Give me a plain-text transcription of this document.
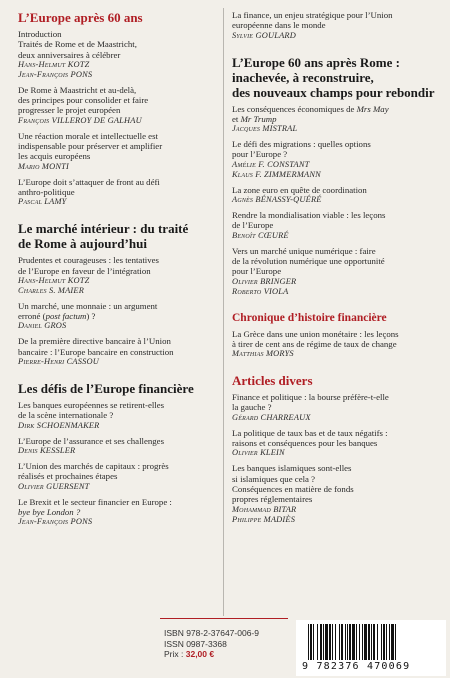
L’Europe après 60 ans
Introduction
Traités de Rome et de Maastricht,
deux anniversaires à célébrer
Hans-Helmut KOTZ
Jean-François PONS
De Rome à Maastricht et au-delà,
des principes pour consolider et faire
progresser le projet européen
François VILLEROY DE GALHAU
Une réaction morale et intellectuelle est
indispensable pour préserver et amplifier
les acquis européens
Mario MONTI
L’Europe doit s’attaquer de front au défi
anthro-politique
Pascal LAMY
Le marché intérieur : du traité
de Rome à aujourd’hui
Prudentes et courageuses : les tentatives
de l’Europe en faveur de l’intégration
Hans-Helmut KOTZ
Charles S. MAIER
Un marché, une monnaie : un argument
erroné (post factum) ?
Daniel GROS
De la première directive bancaire à l’Union
bancaire : l’Europe bancaire en construction
Pierre-Henri CASSOU
Les défis de l’Europe financière
Les banques européennes se retirent-elles
de la scène internationale ?
Dirk SCHOENMAKER
L’Europe de l’assurance et ses challenges
Denis KESSLER
L’Union des marchés de capitaux : progrès
réalisés et prochaines étapes
Olivier GUERSENT
Le Brexit et le secteur financier en Europe :
bye bye London ?
Jean-François PONS
La finance, un enjeu stratégique pour l’Union
européenne dans le monde
Sylvie GOULARD
L’Europe 60 ans après Rome :
inachevée, à reconstruire,
des nouveaux champs pour rebondir
Les conséquences économiques de Mrs May
et Mr Trump
Jacques MISTRAL
Le défi des migrations : quelles options
pour l’Europe ?
Amélie F. CONSTANT
Klaus F. ZIMMERMANN
La zone euro en quête de coordination
Agnès BÉNASSY-QUÉRÉ
Rendre la mondialisation viable : les leçons
de l’Europe
Benoît CŒURÉ
Vers un marché unique numérique : faire
de la révolution numérique une opportunité
pour l’Europe
Olivier BRINGER
Roberto VIOLA
Chronique d’histoire financière
La Grèce dans une union monétaire : les leçons
à tirer de cent ans de régime de taux de change
Matthias MORYS
Articles divers
Finance et politique : la bourse préfère-t-elle
la gauche ?
Gérard CHARREAUX
La politique de taux bas et de taux négatifs :
raisons et conséquences pour les banques
Olivier KLEIN
Les banques islamiques sont-elles
si islamiques que cela ?
Conséquences en matière de fonds
propres réglementaires
Mohammad BITAR
Philippe MADIÈS
ISBN 978-2-37647-006-9
ISSN 0987-3368
Prix : 32,00 €
9 782376 470069
